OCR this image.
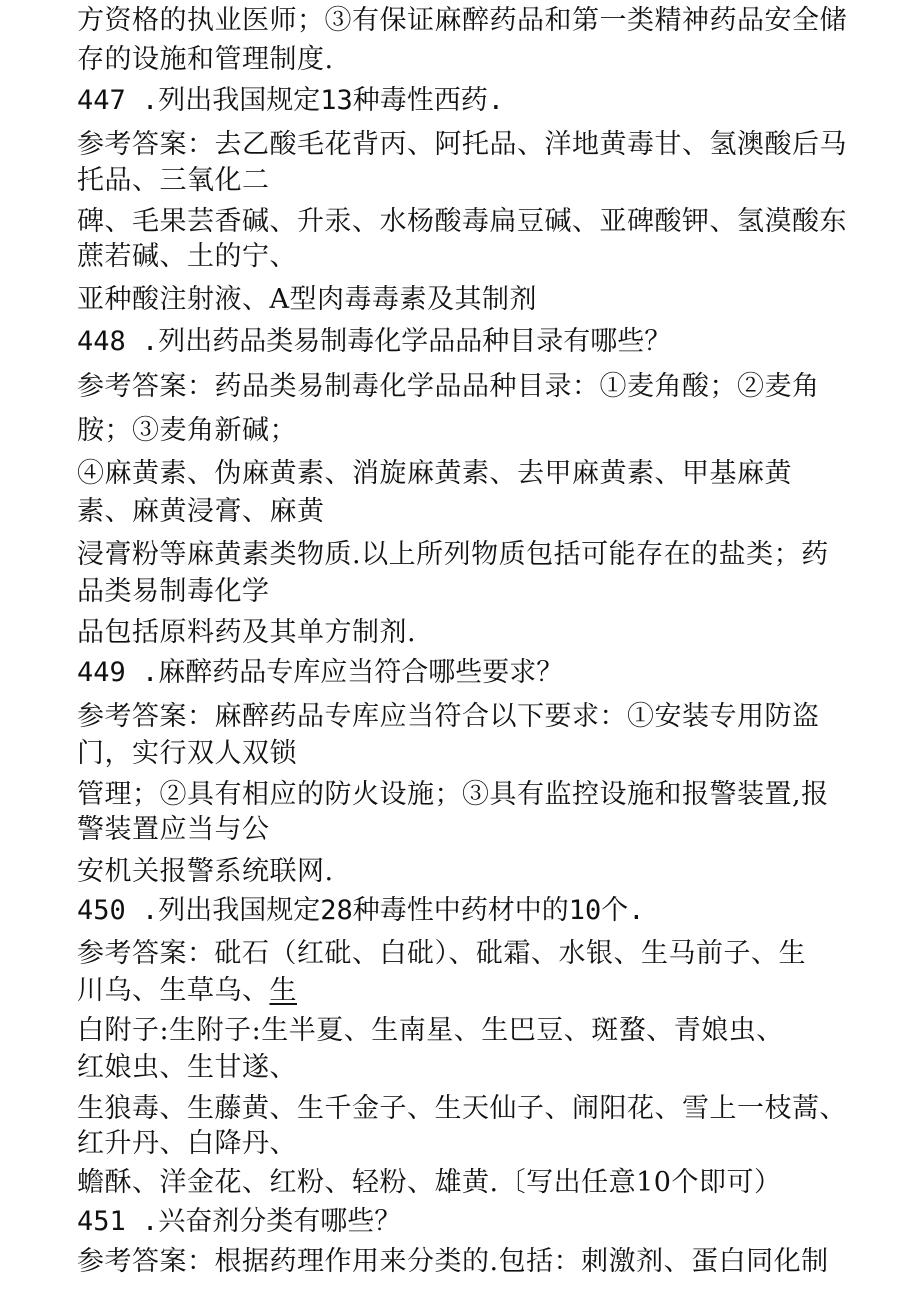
方资格的执业医师；③有保证麻醉药品和第一类精神药品安全储
存的设施和管理制度.
447 .列出我国规定13种毒性西药.
参考答案：去乙酸毛花背丙、阿托品、洋地黄毒甘、氢澳酸后马
托品、三氧化二
碑、毛果芸香碱、升汞、水杨酸毒扁豆碱、亚碑酸钾、氢漠酸东
蔗若碱、土的宁、
亚种酸注射液、A型肉毒毒素及其制剂
448 .列出药品类易制毒化学品品种目录有哪些？
参考答案：药品类易制毒化学品品种目录：①麦角酸；②麦角
胺；③麦角新碱；
④麻黄素、伪麻黄素、消旋麻黄素、去甲麻黄素、甲基麻黄
素、麻黄浸膏、麻黄
浸膏粉等麻黄素类物质.以上所列物质包括可能存在的盐类；药
品类易制毒化学
品包括原料药及其单方制剂.
449 .麻醉药品专库应当符合哪些要求？
参考答案：麻醉药品专库应当符合以下要求：①安装专用防盗
门，实行双人双锁
管理；②具有相应的防火设施；③具有监控设施和报警装置,报
警装置应当与公
安机关报警系统联网.
450 .列出我国规定28种毒性中药材中的10个.
参考答案：砒石（红砒、白砒）、砒霜、水银、生马前子、生
川乌、生草乌、生
白附子:生附子:生半夏、生南星、生巴豆、斑蝥、青娘虫、
红娘虫、生甘遂、
生狼毒、生藤黄、生千金子、生天仙子、闹阳花、雪上一枝蒿、
红升丹、白降丹、
蟾酥、洋金花、红粉、轻粉、雄黄.〔写出任意10个即可）
451 .兴奋剂分类有哪些？
参考答案：根据药理作用来分类的.包括：刺激剂、蛋白同化制
